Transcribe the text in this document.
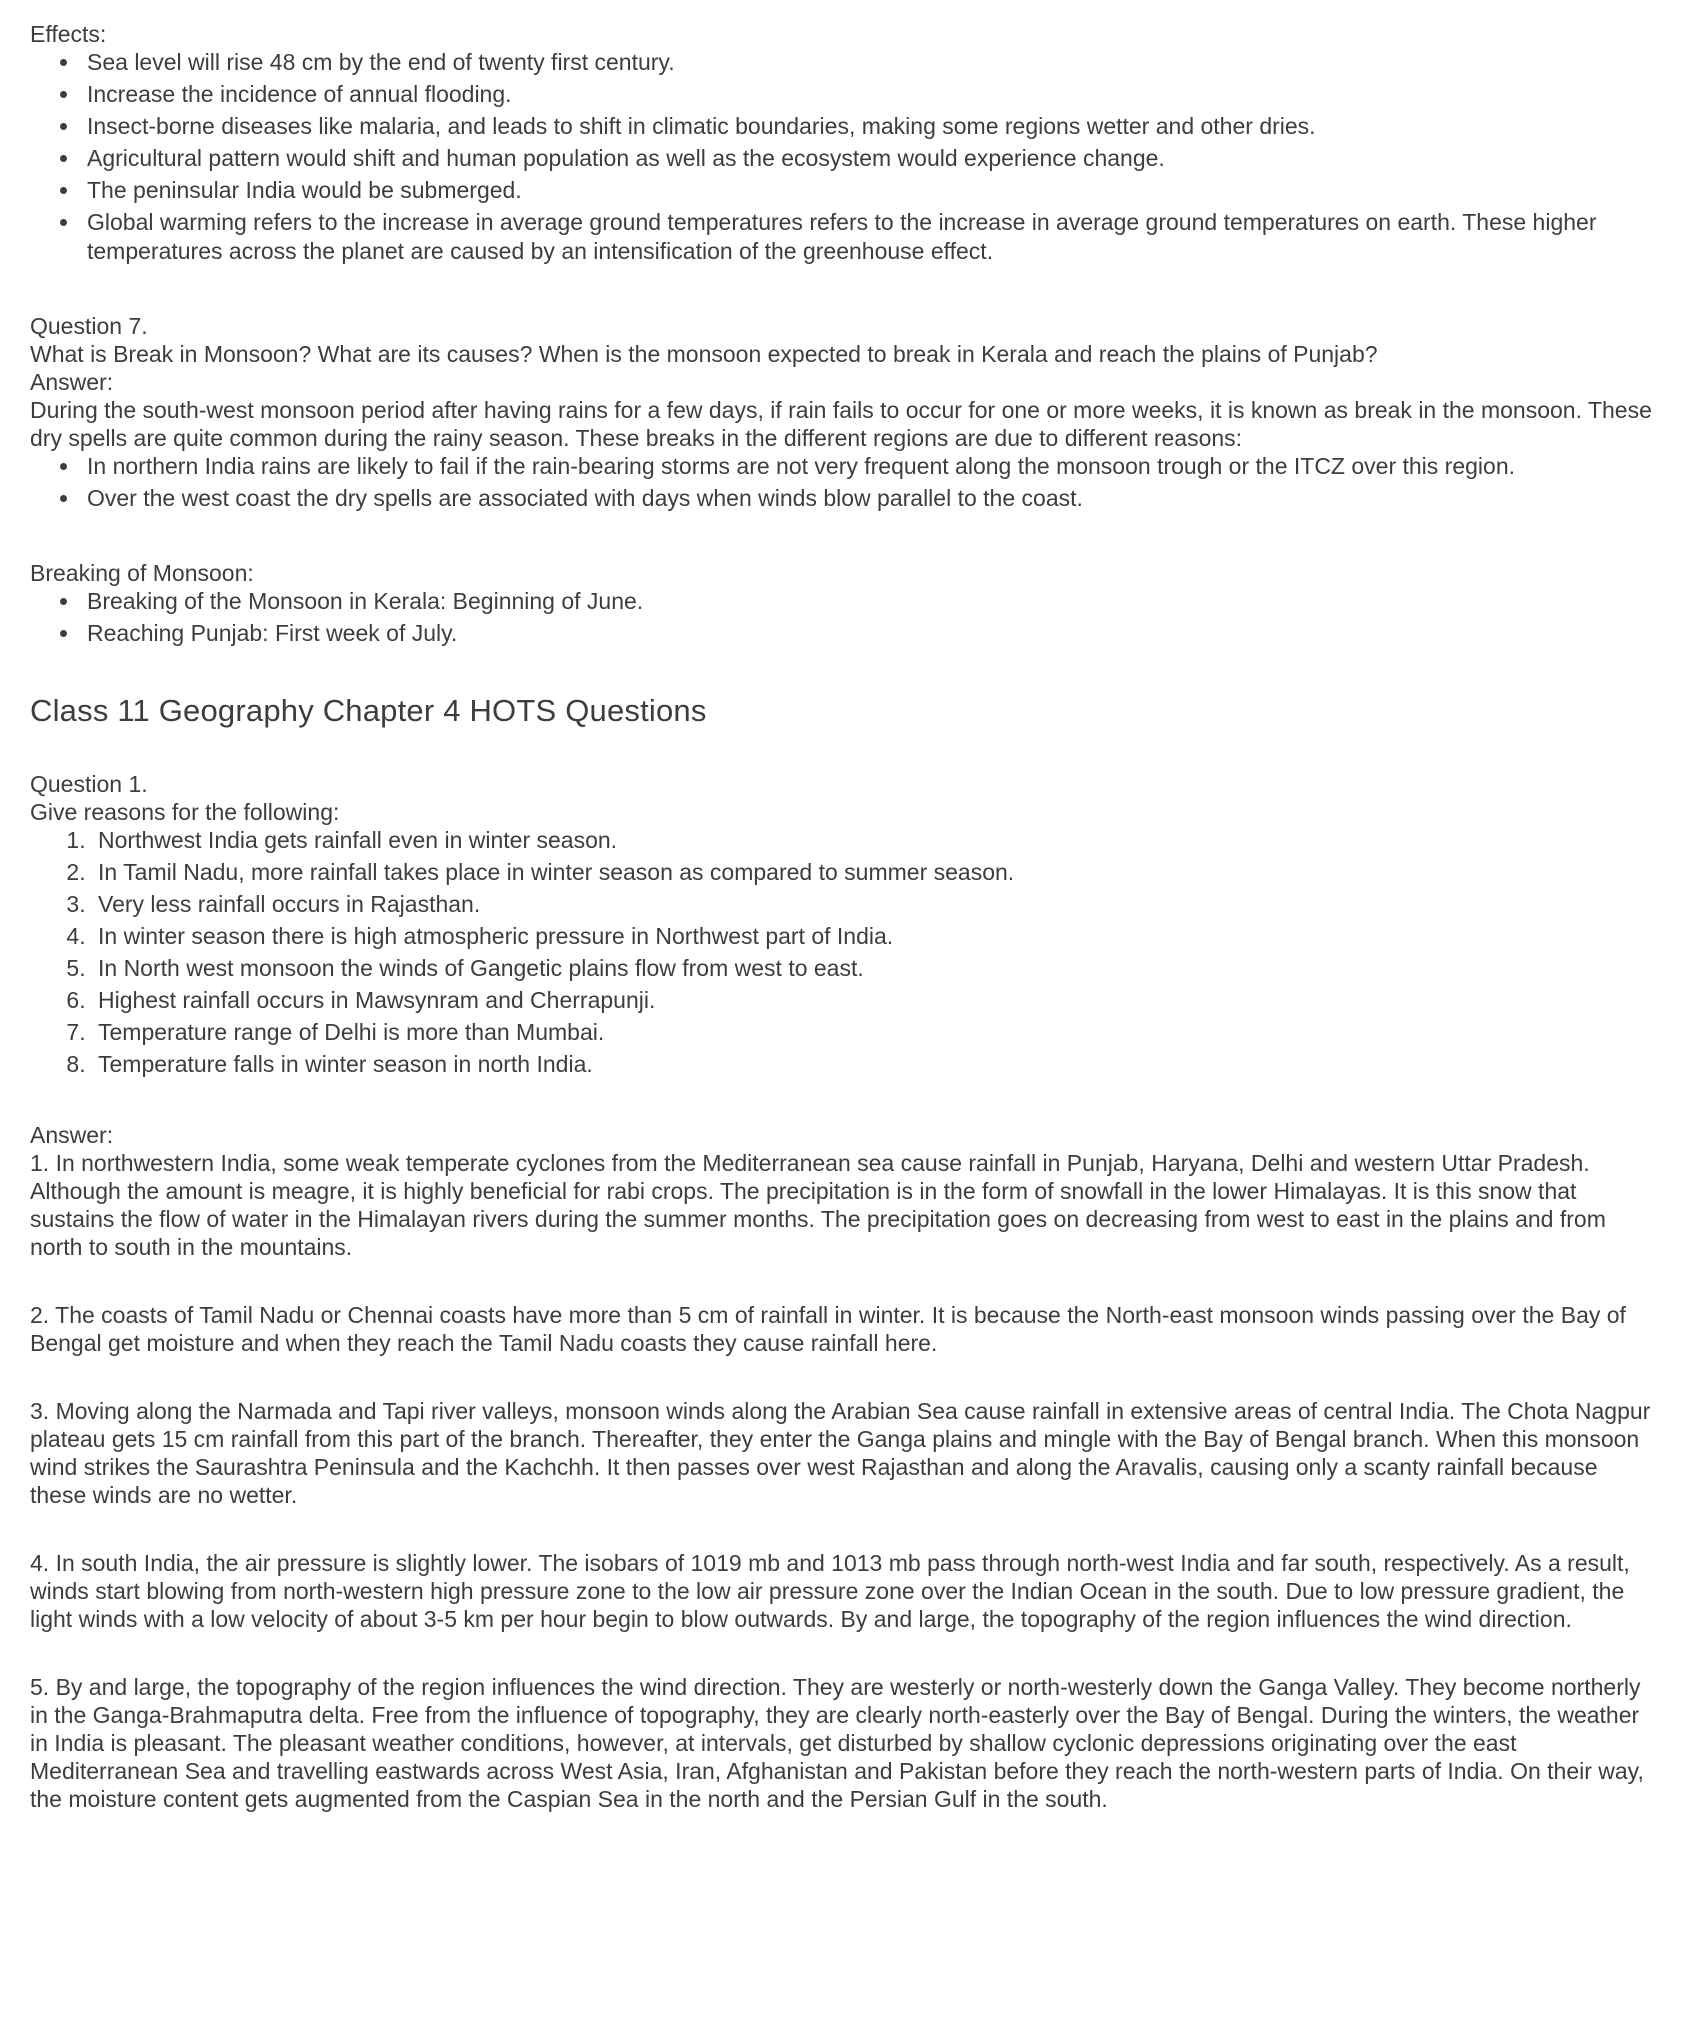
Effects:

• Sea level will rise 48 cm by the end of twenty first century.
• Increase the incidence of annual flooding.
• Insect-borne diseases like malaria, and leads to shift in climatic boundaries, making some regions wetter and other dries.
• Agricultural pattern would shift and human population as well as the ecosystem would experience change.
• The peninsular India would be submerged.
• Global warming refers to the increase in average ground temperatures refers to the increase in average ground temperatures on earth. These higher temperatures across the planet are caused by an intensification of the greenhouse effect.

Question 7.

What is Break in Monsoon? What are its causes? When is the monsoon expected to break in Kerala and reach the plains of Punjab?

Answer:

During the south-west monsoon period after having rains for a few days, if rain fails to occur for one or more weeks, it is known as break in the monsoon. These dry spells are quite common during the rainy season. These breaks in the different regions are due to different reasons:

• In northern India rains are likely to fail if the rain-bearing storms are not very frequent along the monsoon trough or the ITCZ over this region.
• Over the west coast the dry spells are associated with days when winds blow parallel to the coast.

Breaking of Monsoon:

• Breaking of the Monsoon in Kerala: Beginning of June.
• Reaching Punjab: First week of July.
Class 11 Geography Chapter 4 HOTS Questions

Question 1.

Give reasons for the following:

1. Northwest India gets rainfall even in winter season.
2. In Tamil Nadu, more rainfall takes place in winter season as compared to summer season.
3. Very less rainfall occurs in Rajasthan.
4. In winter season there is high atmospheric pressure in Northwest part of India.
5. In North west monsoon the winds of Gangetic plains flow from west to east.
6. Highest rainfall occurs in Mawsynram and Cherrapunji.
7. Temperature range of Delhi is more than Mumbai.
8. Temperature falls in winter season in north India.

Answer:

1. In northwestern India, some weak temperate cyclones from the Mediterranean sea cause rainfall in Punjab, Haryana, Delhi and western Uttar Pradesh. Although the amount is meagre, it is highly beneficial for rabi crops. The precipitation is in the form of snowfall in the lower Himalayas. It is this snow that sustains the flow of water in the Himalayan rivers during the summer months. The precipitation goes on decreasing from west to east in the plains and from north to south in the mountains.

2. The coasts of Tamil Nadu or Chennai coasts have more than 5 cm of rainfall in winter. It is because the North-east monsoon winds passing over the Bay of Bengal get moisture and when they reach the Tamil Nadu coasts they cause rainfall here.

3. Moving along the Narmada and Tapi river valleys, monsoon winds along the Arabian Sea cause rainfall in extensive areas of central India. The Chota Nagpur plateau gets 15 cm rainfall from this part of the branch. Thereafter, they enter the Ganga plains and mingle with the Bay of Bengal branch. When this monsoon wind strikes the Saurashtra Peninsula and the Kachchh. It then passes over west Rajasthan and along the Aravalis, causing only a scanty rainfall because these winds are no wetter.

4. In south India, the air pressure is slightly lower. The isobars of 1019 mb and 1013 mb pass through north-west India and far south, respectively. As a result, winds start blowing from north-western high pressure zone to the low air pressure zone over the Indian Ocean in the south. Due to low pressure gradient, the light winds with a low velocity of about 3-5 km per hour begin to blow outwards. By and large, the topography of the region influences the wind direction.

5. By and large, the topography of the region influences the wind direction. They are westerly or north-westerly down the Ganga Valley. They become northerly in the Ganga-Brahmaputra delta. Free from the influence of topography, they are clearly north-easterly over the Bay of Bengal. During the winters, the weather in India is pleasant. The pleasant weather conditions, however, at intervals, get disturbed by shallow cyclonic depressions originating over the east Mediterranean Sea and travelling eastwards across West Asia, Iran, Afghanistan and Pakistan before they reach the north-western parts of India. On their way, the moisture content gets augmented from the Caspian Sea in the north and the Persian Gulf in the south.
